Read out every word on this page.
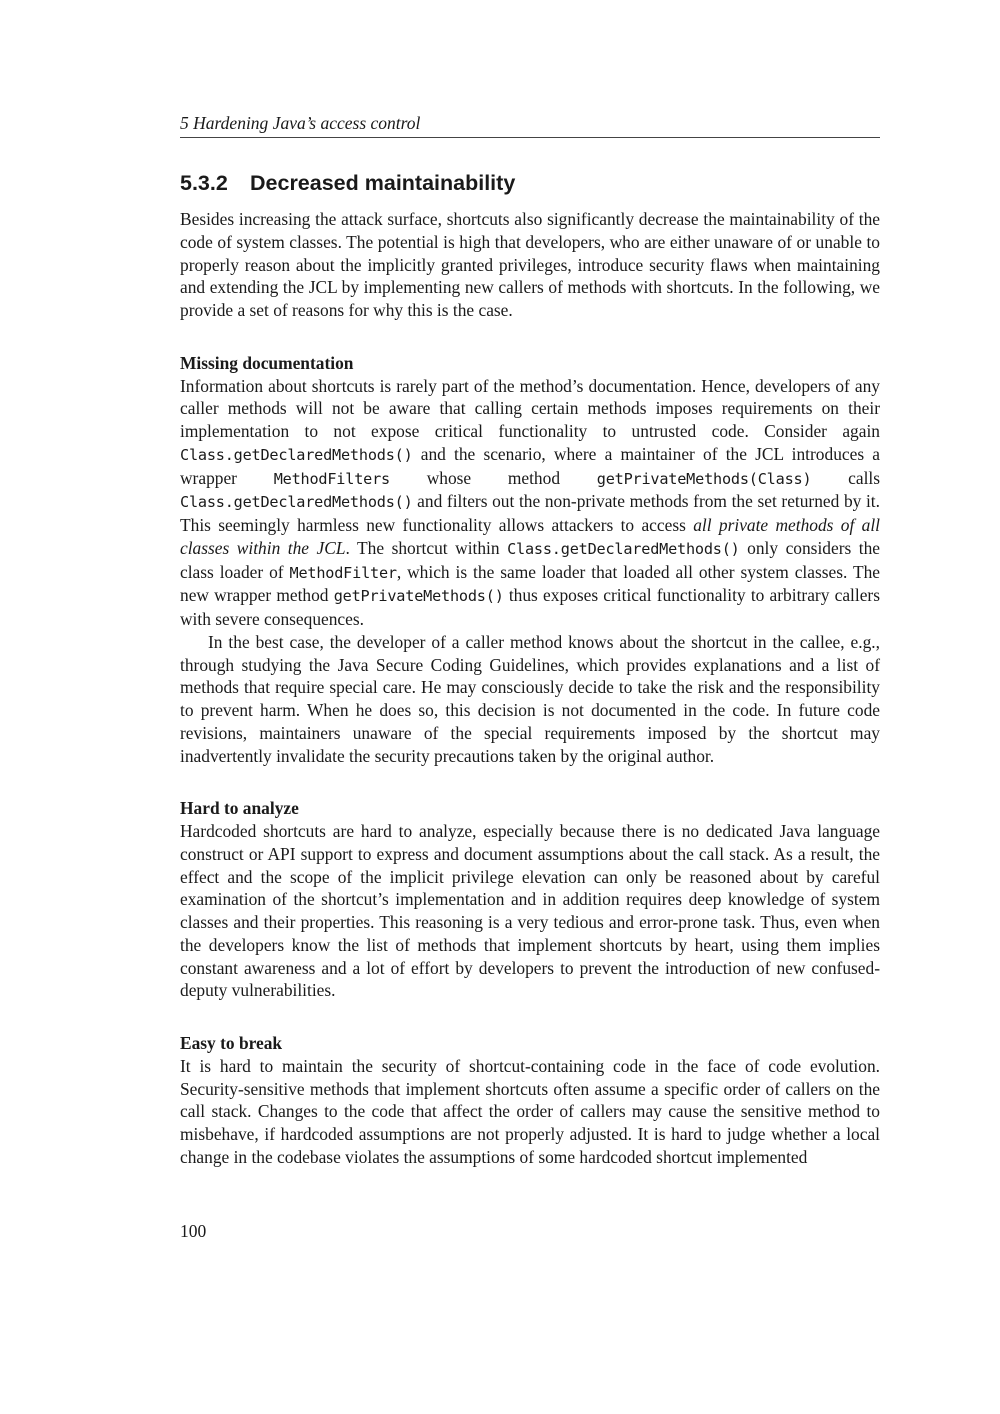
5 Hardening Java’s access control
5.3.2 Decreased maintainability

Besides increasing the attack surface, shortcuts also significantly decrease the maintainability of the code of system classes. The potential is high that developers, who are either unaware of or unable to properly reason about the implicitly granted privileges, introduce security flaws when maintaining and extending the JCL by implementing new callers of methods with shortcuts. In the following, we provide a set of reasons for why this is the case.

Missing documentation

Information about shortcuts is rarely part of the method’s documentation. Hence, developers of any caller methods will not be aware that calling certain methods imposes requirements on their implementation to not expose critical functionality to untrusted code. Consider again Class.getDeclaredMethods() and the scenario, where a maintainer of the JCL introduces a wrapper MethodFilters whose method getPrivateMethods(Class) calls Class.getDeclaredMethods() and filters out the non-private methods from the set returned by it. This seemingly harmless new functionality allows attackers to access all private methods of all classes within the JCL. The shortcut within Class.getDeclaredMethods() only considers the class loader of MethodFilter, which is the same loader that loaded all other system classes. The new wrapper method getPrivateMethods() thus exposes critical functionality to arbitrary callers with severe consequences.

In the best case, the developer of a caller method knows about the shortcut in the callee, e.g., through studying the Java Secure Coding Guidelines, which provides explanations and a list of methods that require special care. He may consciously decide to take the risk and the responsibility to prevent harm. When he does so, this decision is not documented in the code. In future code revisions, maintainers unaware of the special requirements imposed by the shortcut may inadvertently invalidate the security precautions taken by the original author.

Hard to analyze

Hardcoded shortcuts are hard to analyze, especially because there is no dedicated Java language construct or API support to express and document assumptions about the call stack. As a result, the effect and the scope of the implicit privilege elevation can only be reasoned about by careful examination of the shortcut’s implementation and in addition requires deep knowledge of system classes and their properties. This reasoning is a very tedious and error-prone task. Thus, even when the developers know the list of methods that implement shortcuts by heart, using them implies constant awareness and a lot of effort by developers to prevent the introduction of new confused-deputy vulnerabilities.

Easy to break

It is hard to maintain the security of shortcut-containing code in the face of code evolution. Security-sensitive methods that implement shortcuts often assume a specific order of callers on the call stack. Changes to the code that affect the order of callers may cause the sensitive method to misbehave, if hardcoded assumptions are not properly adjusted. It is hard to judge whether a local change in the codebase violates the assumptions of some hardcoded shortcut implemented

100
